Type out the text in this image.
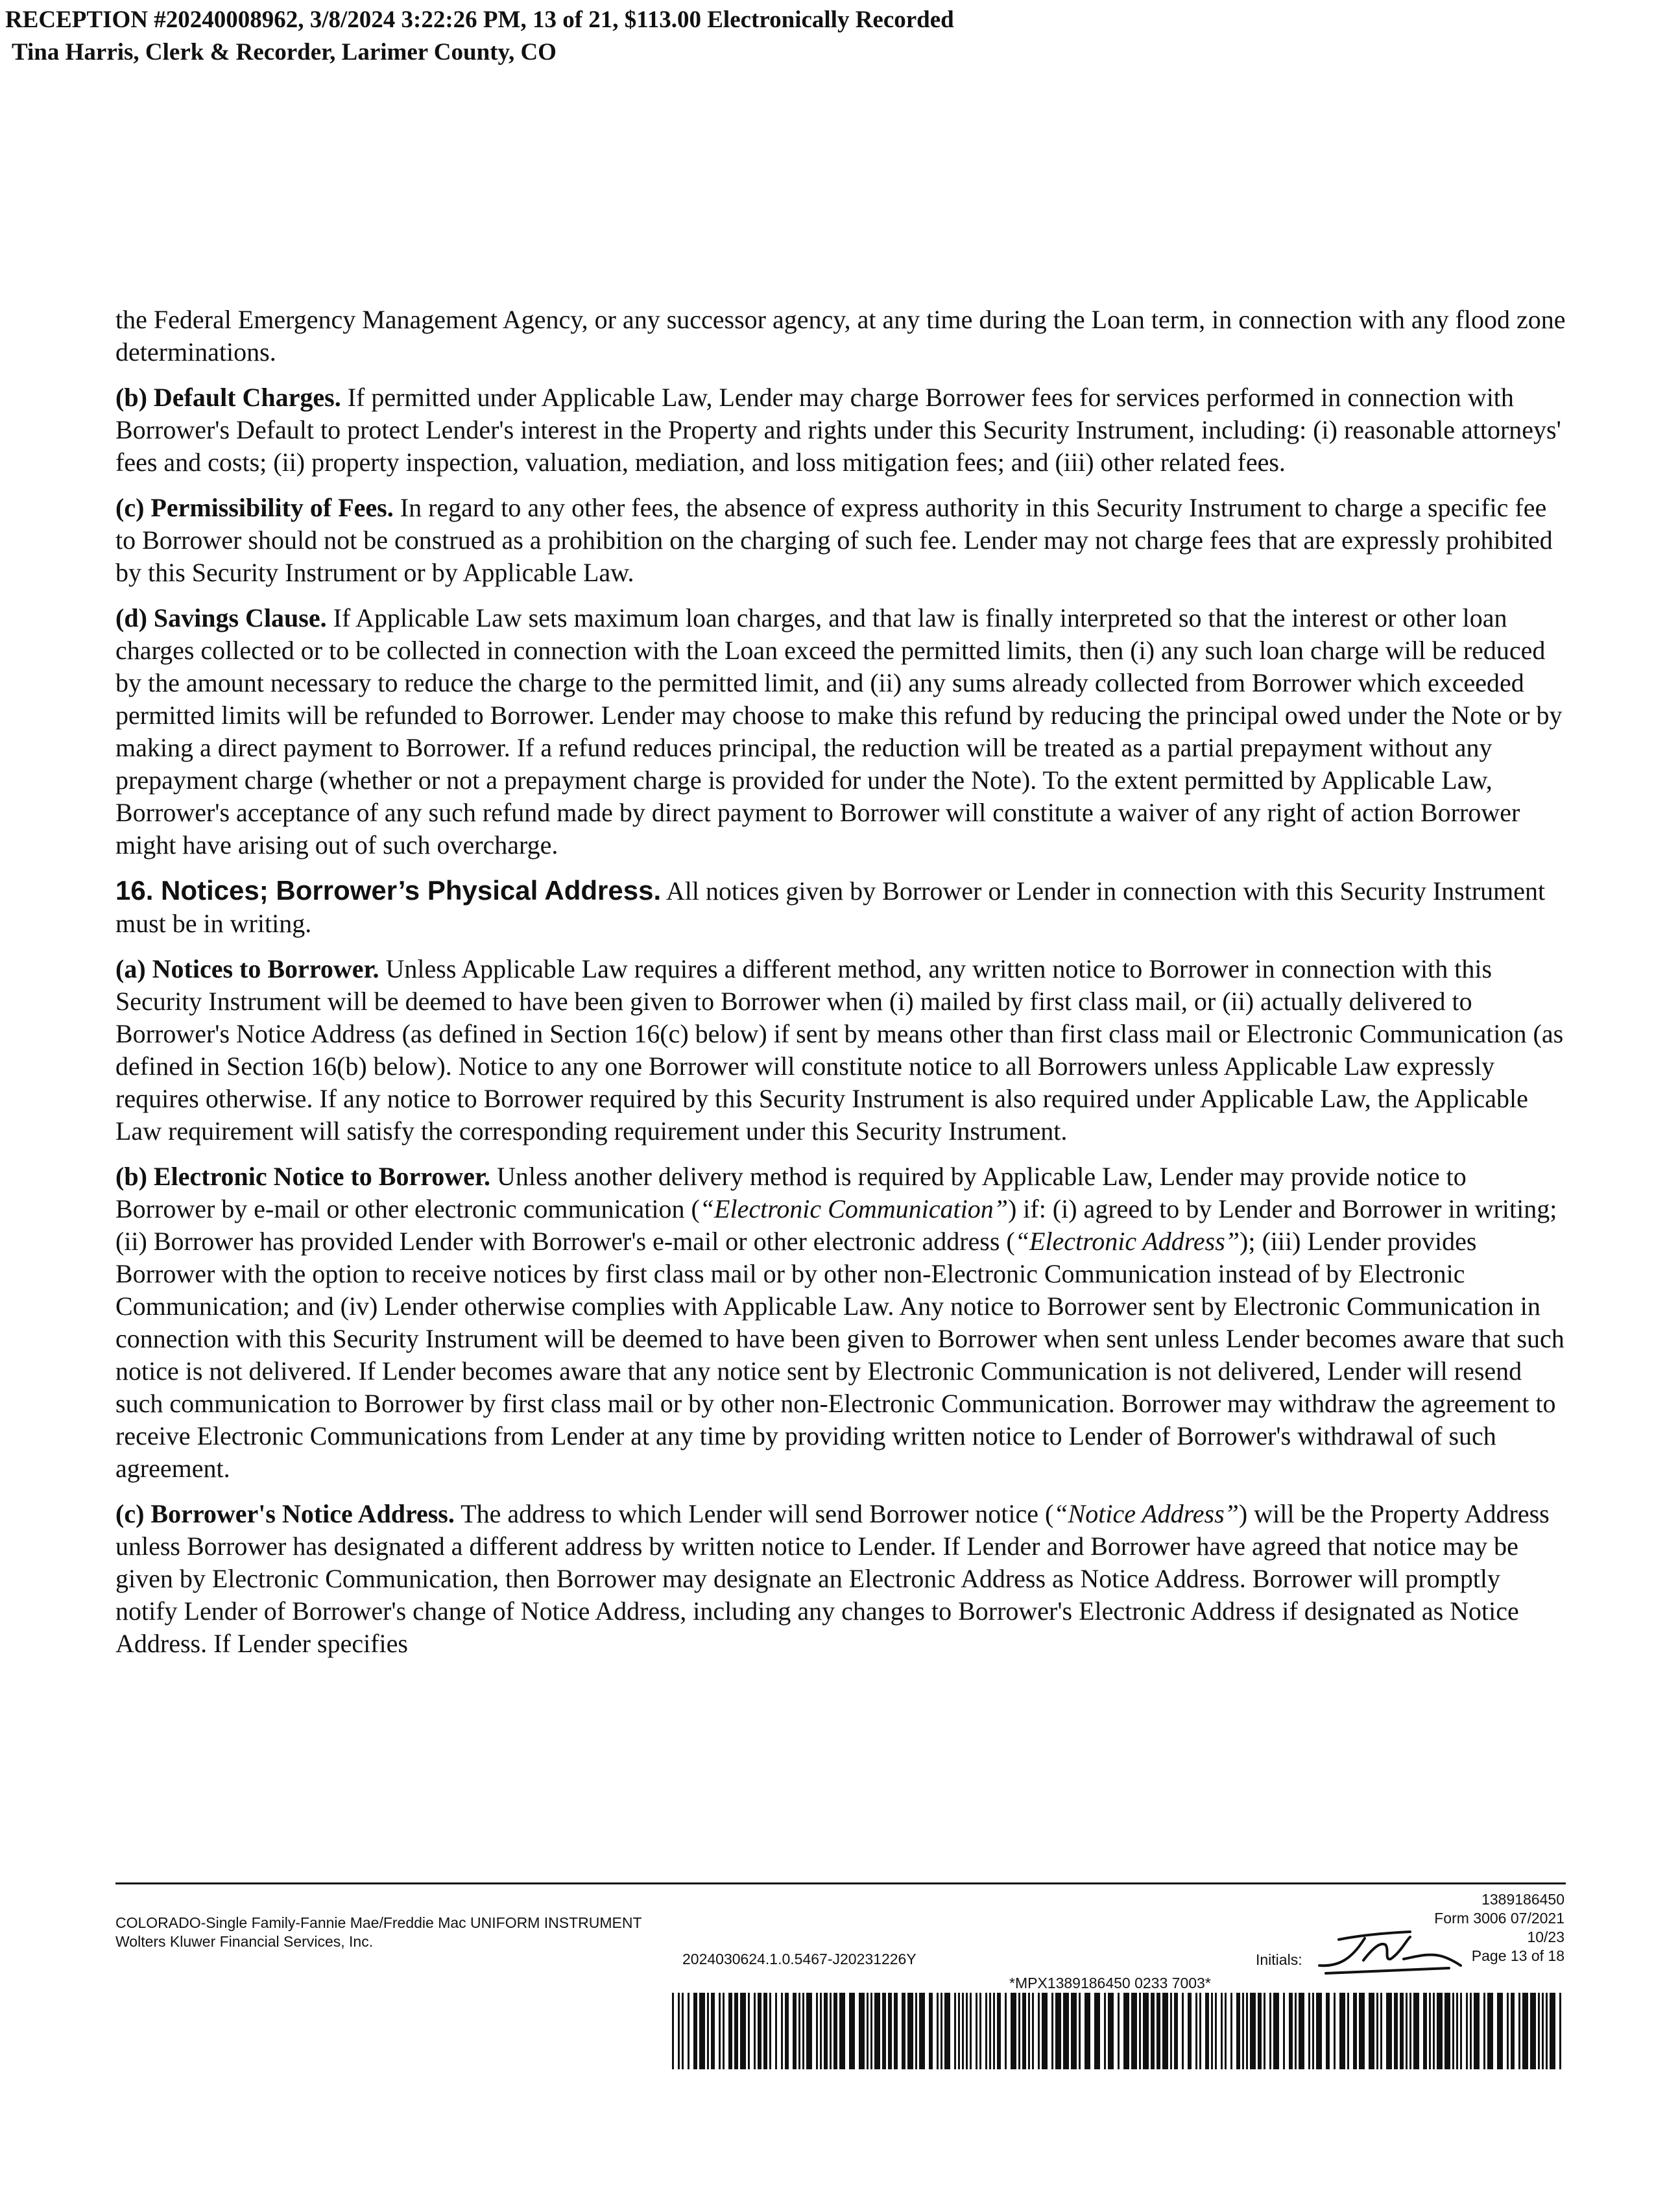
RECEPTION #20240008962, 3/8/2024 3:22:26 PM, 13 of 21, $113.00 Electronically Recorded
Tina Harris, Clerk & Recorder, Larimer County, CO

the Federal Emergency Management Agency, or any successor agency, at any time during the Loan term, in connection with any flood zone determinations.

(b) Default Charges. If permitted under Applicable Law, Lender may charge Borrower fees for services performed in connection with Borrower's Default to protect Lender's interest in the Property and rights under this Security Instrument, including: (i) reasonable attorneys' fees and costs; (ii) property inspection, valuation, mediation, and loss mitigation fees; and (iii) other related fees.

(c) Permissibility of Fees. In regard to any other fees, the absence of express authority in this Security Instrument to charge a specific fee to Borrower should not be construed as a prohibition on the charging of such fee. Lender may not charge fees that are expressly prohibited by this Security Instrument or by Applicable Law.

(d) Savings Clause. If Applicable Law sets maximum loan charges, and that law is finally interpreted so that the interest or other loan charges collected or to be collected in connection with the Loan exceed the permitted limits, then (i) any such loan charge will be reduced by the amount necessary to reduce the charge to the permitted limit, and (ii) any sums already collected from Borrower which exceeded permitted limits will be refunded to Borrower. Lender may choose to make this refund by reducing the principal owed under the Note or by making a direct payment to Borrower. If a refund reduces principal, the reduction will be treated as a partial prepayment without any prepayment charge (whether or not a prepayment charge is provided for under the Note). To the extent permitted by Applicable Law, Borrower's acceptance of any such refund made by direct payment to Borrower will constitute a waiver of any right of action Borrower might have arising out of such overcharge.

16. Notices; Borrower’s Physical Address. All notices given by Borrower or Lender in connection with this Security Instrument must be in writing.

(a) Notices to Borrower. Unless Applicable Law requires a different method, any written notice to Borrower in connection with this Security Instrument will be deemed to have been given to Borrower when (i) mailed by first class mail, or (ii) actually delivered to Borrower's Notice Address (as defined in Section 16(c) below) if sent by means other than first class mail or Electronic Communication (as defined in Section 16(b) below). Notice to any one Borrower will constitute notice to all Borrowers unless Applicable Law expressly requires otherwise. If any notice to Borrower required by this Security Instrument is also required under Applicable Law, the Applicable Law requirement will satisfy the corresponding requirement under this Security Instrument.

(b) Electronic Notice to Borrower. Unless another delivery method is required by Applicable Law, Lender may provide notice to Borrower by e-mail or other electronic communication (“Electronic Communication”) if: (i) agreed to by Lender and Borrower in writing; (ii) Borrower has provided Lender with Borrower's e-mail or other electronic address (“Electronic Address”); (iii) Lender provides Borrower with the option to receive notices by first class mail or by other non-Electronic Communication instead of by Electronic Communication; and (iv) Lender otherwise complies with Applicable Law. Any notice to Borrower sent by Electronic Communication in connection with this Security Instrument will be deemed to have been given to Borrower when sent unless Lender becomes aware that such notice is not delivered. If Lender becomes aware that any notice sent by Electronic Communication is not delivered, Lender will resend such communication to Borrower by first class mail or by other non-Electronic Communication. Borrower may withdraw the agreement to receive Electronic Communications from Lender at any time by providing written notice to Lender of Borrower's withdrawal of such agreement.

(c) Borrower's Notice Address. The address to which Lender will send Borrower notice (“Notice Address”) will be the Property Address unless Borrower has designated a different address by written notice to Lender. If Lender and Borrower have agreed that notice may be given by Electronic Communication, then Borrower may designate an Electronic Address as Notice Address. Borrower will promptly notify Lender of Borrower's change of Notice Address, including any changes to Borrower's Electronic Address if designated as Notice Address. If Lender specifies

COLORADO-Single Family-Fannie Mae/Freddie Mac UNIFORM INSTRUMENT
Wolters Kluwer Financial Services, Inc.
2024030624.1.0.5467-J20231226Y
1389186450
Form 3006 07/2021
10/23
Page 13 of 18
Initials:
*MPX1389186450 0233 7003*
